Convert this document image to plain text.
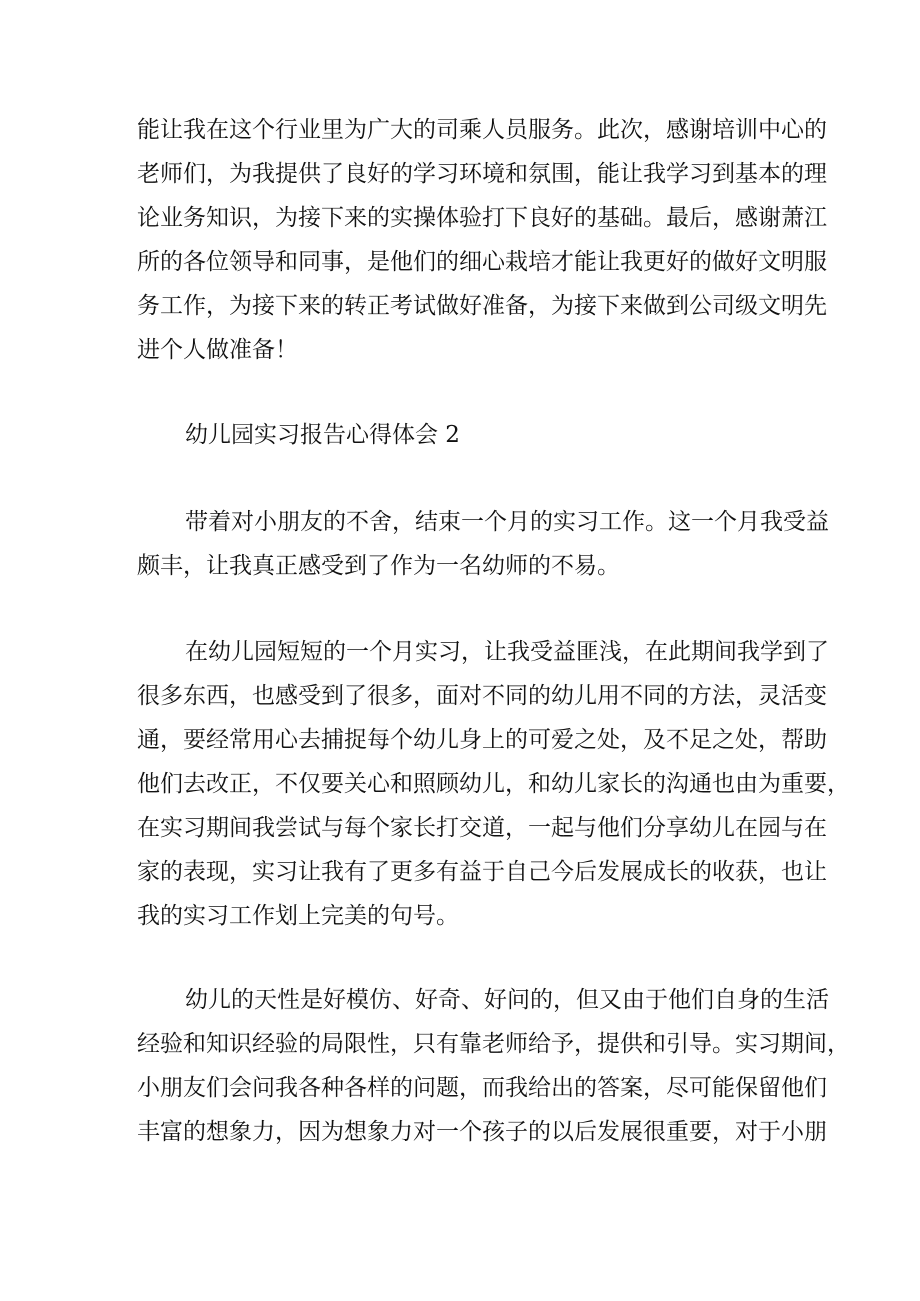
能让我在这个行业里为广大的司乘人员服务。此次，感谢培训中心的
老师们，为我提供了良好的学习环境和氛围，能让我学习到基本的理
论业务知识，为接下来的实操体验打下良好的基础。最后，感谢萧江
所的各位领导和同事，是他们的细心栽培才能让我更好的做好文明服
务工作，为接下来的转正考试做好准备，为接下来做到公司级文明先
进个人做准备！
幼儿园实习报告心得体会 2
带着对小朋友的不舍，结束一个月的实习工作。这一个月我受益
颇丰，让我真正感受到了作为一名幼师的不易。
在幼儿园短短的一个月实习，让我受益匪浅，在此期间我学到了
很多东西，也感受到了很多，面对不同的幼儿用不同的方法，灵活变
通，要经常用心去捕捉每个幼儿身上的可爱之处，及不足之处，帮助
他们去改正，不仅要关心和照顾幼儿，和幼儿家长的沟通也由为重要，
在实习期间我尝试与每个家长打交道，一起与他们分享幼儿在园与在
家的表现，实习让我有了更多有益于自己今后发展成长的收获，也让
我的实习工作划上完美的句号。
幼儿的天性是好模仿、好奇、好问的，但又由于他们自身的生活
经验和知识经验的局限性，只有靠老师给予，提供和引导。实习期间，
小朋友们会问我各种各样的问题，而我给出的答案，尽可能保留他们
丰富的想象力，因为想象力对一个孩子的以后发展很重要，对于小朋
